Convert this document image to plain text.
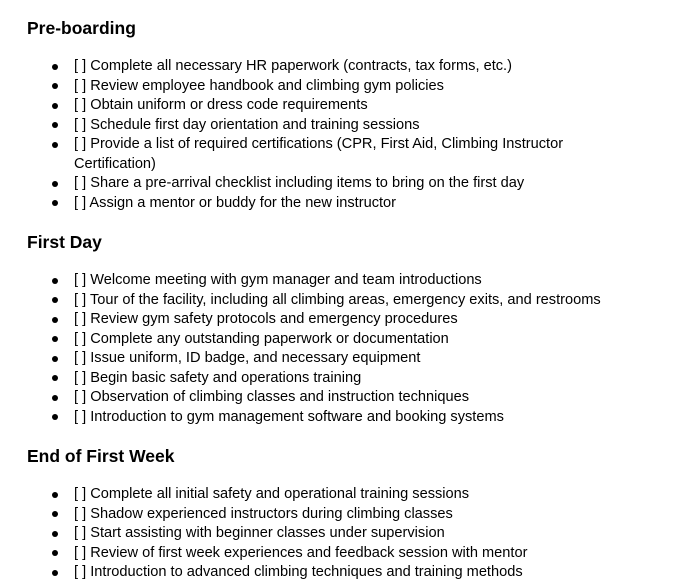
Pre-boarding
[ ] Complete all necessary HR paperwork (contracts, tax forms, etc.)
[ ] Review employee handbook and climbing gym policies
[ ] Obtain uniform or dress code requirements
[ ] Schedule first day orientation and training sessions
[ ] Provide a list of required certifications (CPR, First Aid, Climbing Instructor Certification)
[ ] Share a pre-arrival checklist including items to bring on the first day
[ ] Assign a mentor or buddy for the new instructor
First Day
[ ] Welcome meeting with gym manager and team introductions
[ ] Tour of the facility, including all climbing areas, emergency exits, and restrooms
[ ] Review gym safety protocols and emergency procedures
[ ] Complete any outstanding paperwork or documentation
[ ] Issue uniform, ID badge, and necessary equipment
[ ] Begin basic safety and operations training
[ ] Observation of climbing classes and instruction techniques
[ ] Introduction to gym management software and booking systems
End of First Week
[ ] Complete all initial safety and operational training sessions
[ ] Shadow experienced instructors during climbing classes
[ ] Start assisting with beginner classes under supervision
[ ] Review of first week experiences and feedback session with mentor
[ ] Introduction to advanced climbing techniques and training methods
